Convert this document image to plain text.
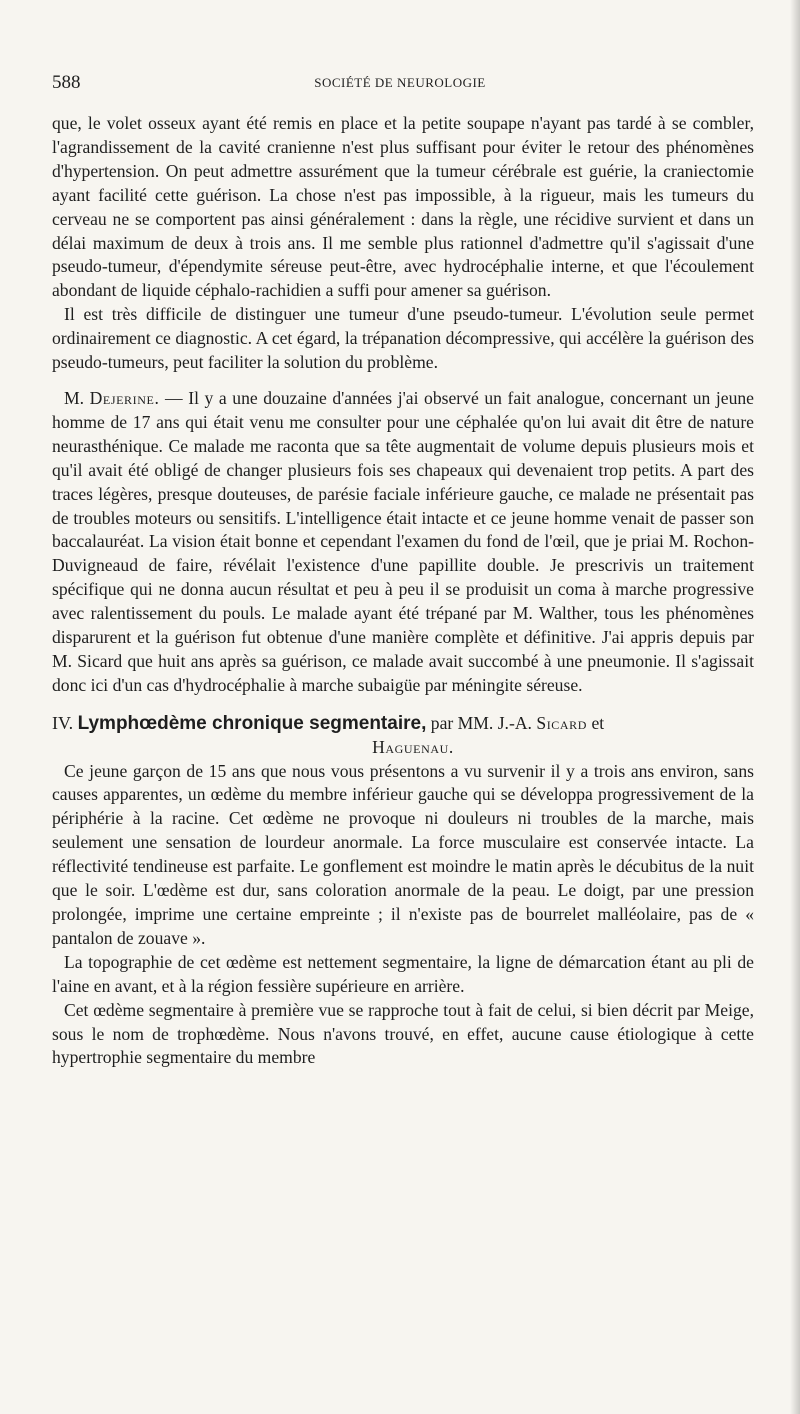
588	SOCIÉTÉ DE NEUROLOGIE

que, le volet osseux ayant été remis en place et la petite soupape n'ayant pas tardé à se combler, l'agrandissement de la cavité cranienne n'est plus suffisant pour éviter le retour des phénomènes d'hypertension. On peut admettre assurément que la tumeur cérébrale est guérie, la craniectomie ayant facilité cette guérison. La chose n'est pas impossible, à la rigueur, mais les tumeurs du cerveau ne se comportent pas ainsi généralement : dans la règle, une récidive survient et dans un délai maximum de deux à trois ans. Il me semble plus rationnel d'admettre qu'il s'agissait d'une pseudo-tumeur, d'épendymite séreuse peut-être, avec hydrocéphalie interne, et que l'écoulement abondant de liquide céphalo-rachidien a suffi pour amener sa guérison.

Il est très difficile de distinguer une tumeur d'une pseudo-tumeur. L'évolution seule permet ordinairement ce diagnostic. A cet égard, la trépanation décompressive, qui accélère la guérison des pseudo-tumeurs, peut faciliter la solution du problème.

M. Dejerine. — Il y a une douzaine d'années j'ai observé un fait analogue, concernant un jeune homme de 17 ans qui était venu me consulter pour une céphalée qu'on lui avait dit être de nature neurasthénique. Ce malade me raconta que sa tête augmentait de volume depuis plusieurs mois et qu'il avait été obligé de changer plusieurs fois ses chapeaux qui devenaient trop petits. A part des traces légères, presque douteuses, de parésie faciale inférieure gauche, ce malade ne présentait pas de troubles moteurs ou sensitifs. L'intelligence était intacte et ce jeune homme venait de passer son baccalauréat. La vision était bonne et cependant l'examen du fond de l'œil, que je priai M. Rochon-Duvigneaud de faire, révélait l'existence d'une papillite double. Je prescrivis un traitement spécifique qui ne donna aucun résultat et peu à peu il se produisit un coma à marche progressive avec ralentissement du pouls. Le malade ayant été trépané par M. Walther, tous les phénomènes disparurent et la guérison fut obtenue d'une manière complète et définitive. J'ai appris depuis par M. Sicard que huit ans après sa guérison, ce malade avait succombé à une pneumonie. Il s'agissait donc ici d'un cas d'hydrocéphalie à marche subaigüe par méningite séreuse.

IV. Lymphœdème chronique segmentaire, par MM. J.-A. Sicard et
Haguenau.

Ce jeune garçon de 15 ans que nous vous présentons a vu survenir il y a trois ans environ, sans causes apparentes, un œdème du membre inférieur gauche qui se développa progressivement de la périphérie à la racine. Cet œdème ne provoque ni douleurs ni troubles de la marche, mais seulement une sensation de lourdeur anormale. La force musculaire est conservée intacte. La réflectivité tendineuse est parfaite. Le gonflement est moindre le matin après le décubitus de la nuit que le soir. L'œdème est dur, sans coloration anormale de la peau. Le doigt, par une pression prolongée, imprime une certaine empreinte ; il n'existe pas de bourrelet malléolaire, pas de « pantalon de zouave ».

La topographie de cet œdème est nettement segmentaire, la ligne de démarcation étant au pli de l'aine en avant, et à la région fessière supérieure en arrière.

Cet œdème segmentaire à première vue se rapproche tout à fait de celui, si bien décrit par Meige, sous le nom de trophœdème. Nous n'avons trouvé, en effet, aucune cause étiologique à cette hypertrophie segmentaire du membre
